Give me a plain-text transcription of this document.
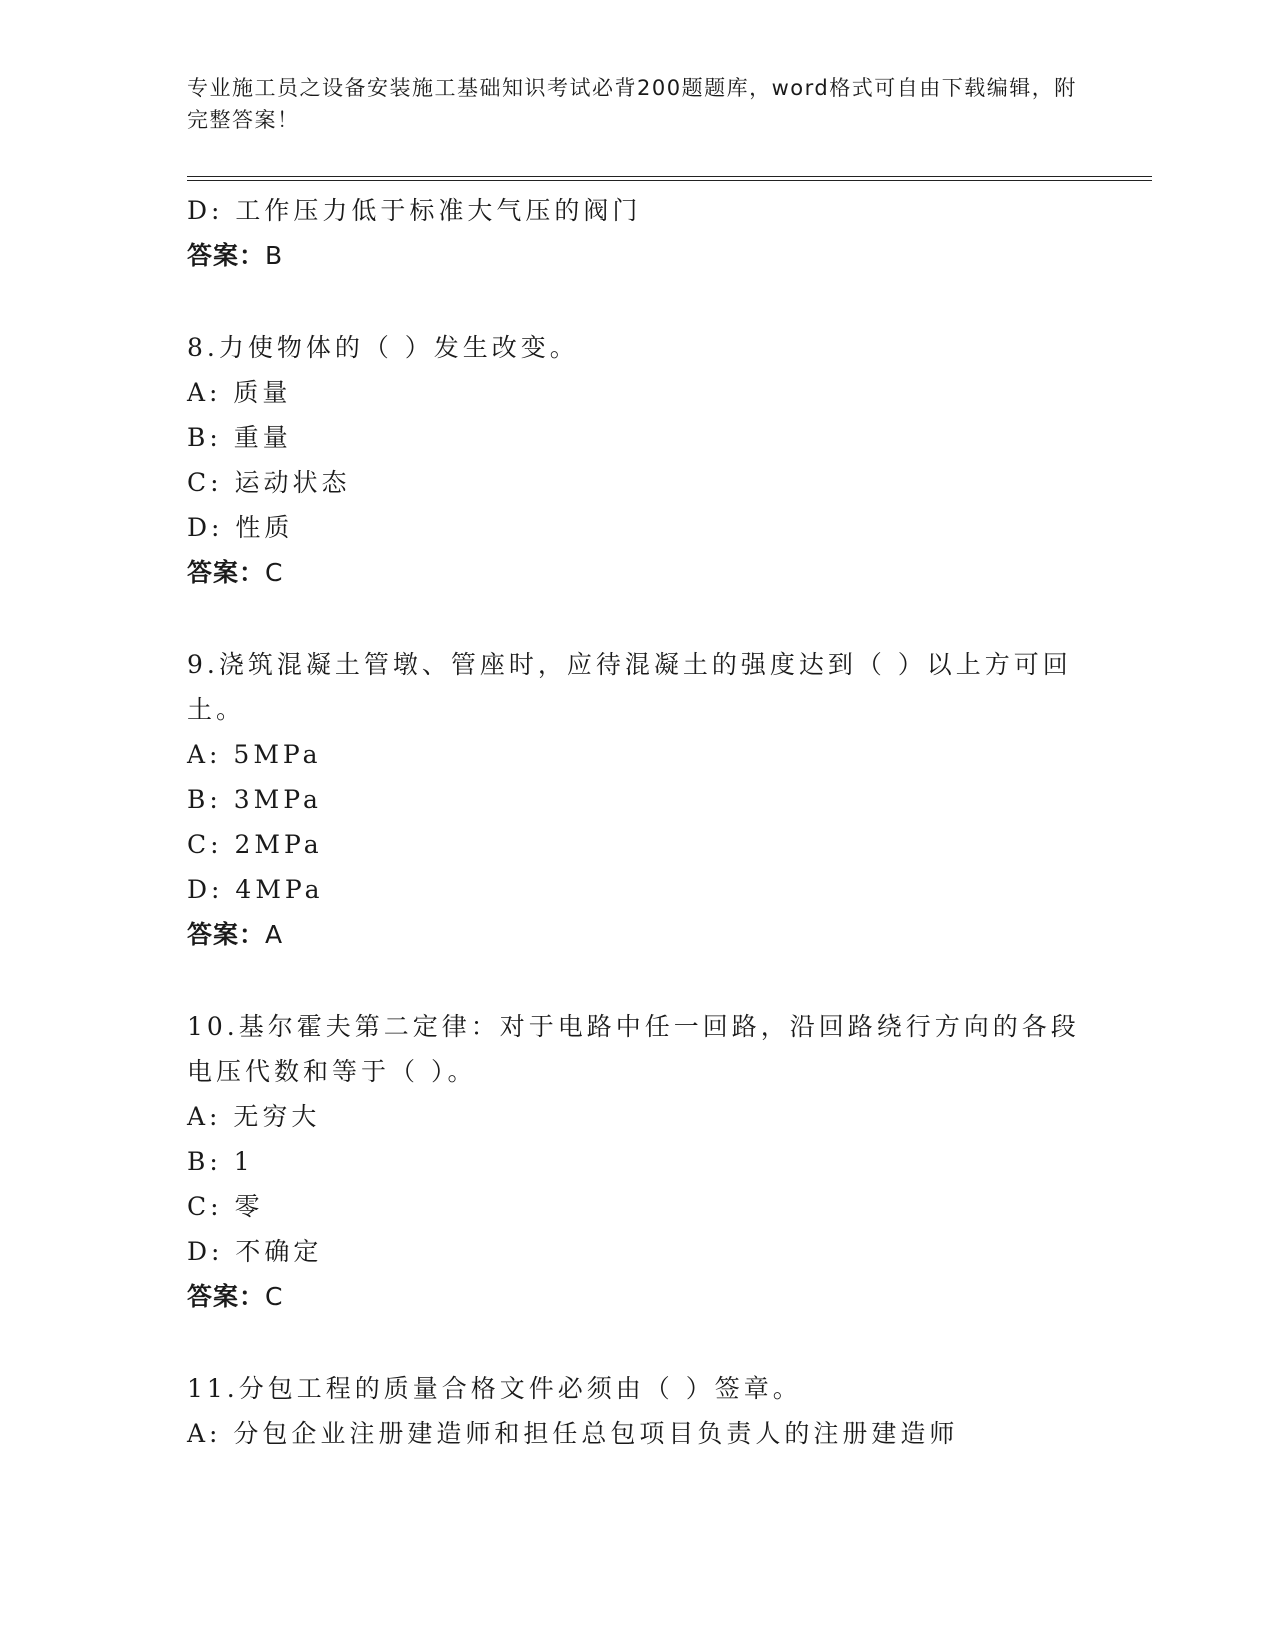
专业施工员之设备安装施工基础知识考试必背200题题库，word格式可自由下载编辑，附完整答案！
D: 工作压力低于标准大气压的阀门
答案：B
8.力使物体的（ ）发生改变。
A: 质量
B: 重量
C: 运动状态
D: 性质
答案：C
9.浇筑混凝土管墩、管座时，应待混凝土的强度达到（ ）以上方可回土。
A: 5MPa
B: 3MPa
C: 2MPa
D: 4MPa
答案：A
10.基尔霍夫第二定律：对于电路中任一回路，沿回路绕行方向的各段电压代数和等于（ ）。
A: 无穷大
B: 1
C: 零
D: 不确定
答案：C
11.分包工程的质量合格文件必须由（ ）签章。
A: 分包企业注册建造师和担任总包项目负责人的注册建造师
